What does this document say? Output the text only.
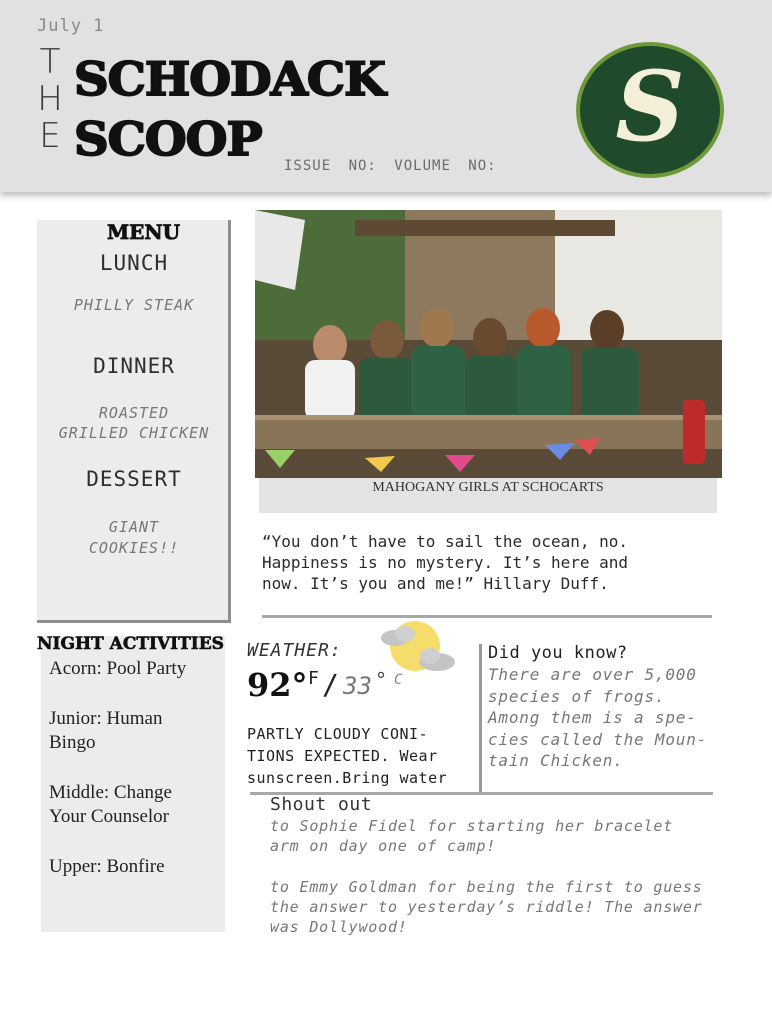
July 1
T
H
E
SCHODACK
SCOOP ISSUE NO: VOLUME NO:
S
MENU
LUNCH
PHILLY STEAK
DINNER
ROASTED
GRILLED CHICKEN
DESSERT
GIANT
COOKIES!!
MAHOGANY GIRLS AT SCHOCARTS
“You don’t have to sail the ocean, no.
Happiness is no mystery. It’s here and
now. It’s you and me!” Hillary Duff.
NIGHT ACTIVITIES
Acorn: Pool Party
Junior: Human
Bingo
Middle: Change
Your Counselor
Upper: Bonfire
WEATHER:
92° F / 33 ° C
PARTLY CLOUDY CONI-
TIONS EXPECTED. Wear
sunscreen.Bring water
Did you know?
There are over 5,000
species of frogs.
Among them is a spe-
cies called the Moun-
tain Chicken.
Shout out
to Sophie Fidel for starting her bracelet
arm on day one of camp!
to Emmy Goldman for being the first to guess
the answer to yesterday’s riddle! The answer
was Dollywood!
